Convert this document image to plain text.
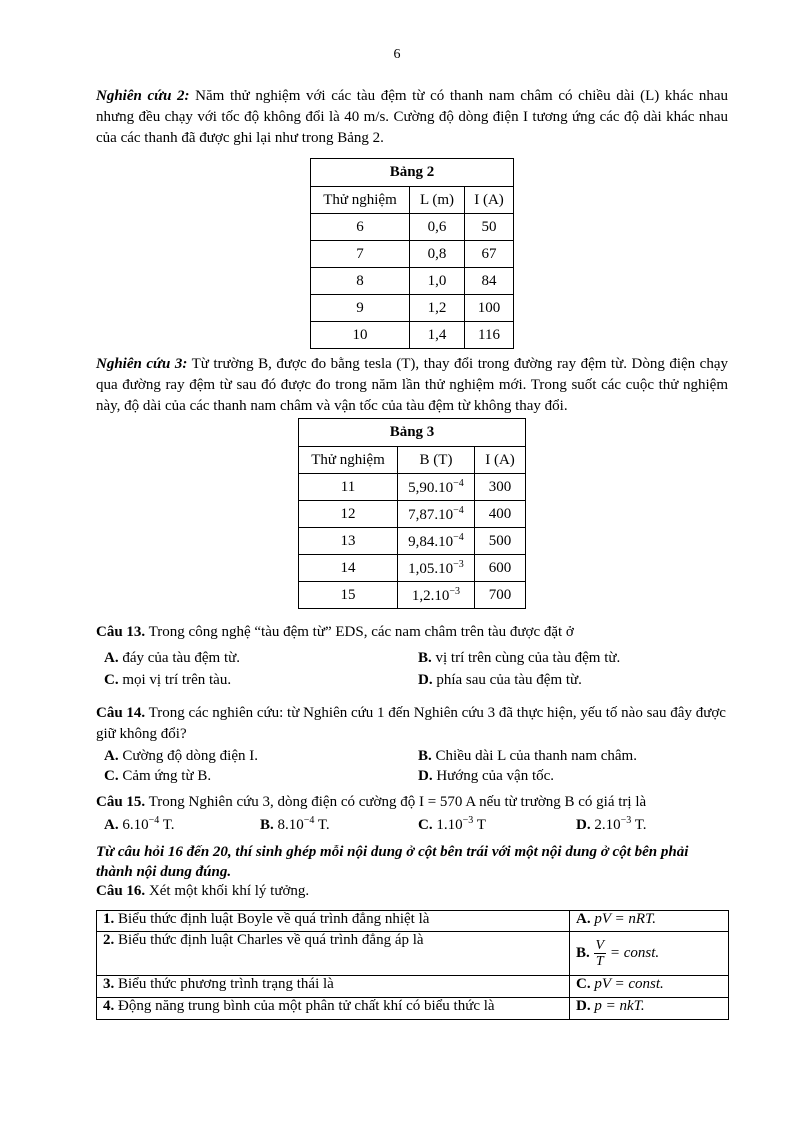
6
Nghiên cứu 2: Năm thử nghiệm với các tàu đệm từ có thanh nam châm có chiều dài (L) khác nhau nhưng đều chạy với tốc độ không đổi là 40 m/s. Cường độ dòng điện I tương ứng các độ dài khác nhau của các thanh đã được ghi lại như trong Bảng 2.
Bảng 2		
Thử nghiệm	L (m)	I (A)
6	0,6	50
7	0,8	67
8	1,0	84
9	1,2	100
10	1,4	116
Nghiên cứu 3: Từ trường B, được đo bằng tesla (T), thay đổi trong đường ray đệm từ. Dòng điện chạy qua đường ray đệm từ sau đó được đo trong năm lần thử nghiệm mới. Trong suốt các cuộc thử nghiệm này, độ dài của các thanh nam châm và vận tốc của tàu đệm từ không thay đổi.
Bảng 3		
Thử nghiệm	B (T)	I (A)
11	$5,90.10^{-4}$	300
12	$7,87.10^{-4}$	400
13	$9,84.10^{-4}$	500
14	$1,05.10^{-3}$	600
15	$1,2.10^{-3}$	700
Câu 13. Trong công nghệ “tàu đệm từ” EDS, các nam châm trên tàu được đặt ở
A. đáy của tàu đệm từ.	B. vị trí trên cùng của tàu đệm từ.
C. mọi vị trí trên tàu.	D. phía sau của tàu đệm từ.
Câu 14. Trong các nghiên cứu: từ Nghiên cứu 1 đến Nghiên cứu 3 đã thực hiện, yếu tố nào sau đây được giữ không đổi?
A. Cường độ dòng điện I.	B. Chiều dài L của thanh nam châm.
C. Cảm ứng từ B.	D. Hướng của vận tốc.
Câu 15. Trong Nghiên cứu 3, dòng điện có cường độ I = 570 A nếu từ trường B có giá trị là
A. $6.10^{-4}$ T.	B. $8.10^{-4}$ T.	C. $1.10^{-3}$ T	D. $2.10^{-3}$ T.
Từ câu hỏi 16 đến 20, thí sinh ghép mỗi nội dung ở cột bên trái với một nội dung ở cột bên phải thành nội dung đúng.
Câu 16. Xét một khối khí lý tưởng.
1. Biểu thức định luật Boyle về quá trình đẳng nhiệt là	A. pV = nRT.
2. Biểu thức định luật Charles về quá trình đẳng áp là	B. $\frac{V}{T}$ = const.
3. Biểu thức phương trình trạng thái là	C. pV = const.
4. Động năng trung bình của một phân tử chất khí có biểu thức là	D. p = nkT.
